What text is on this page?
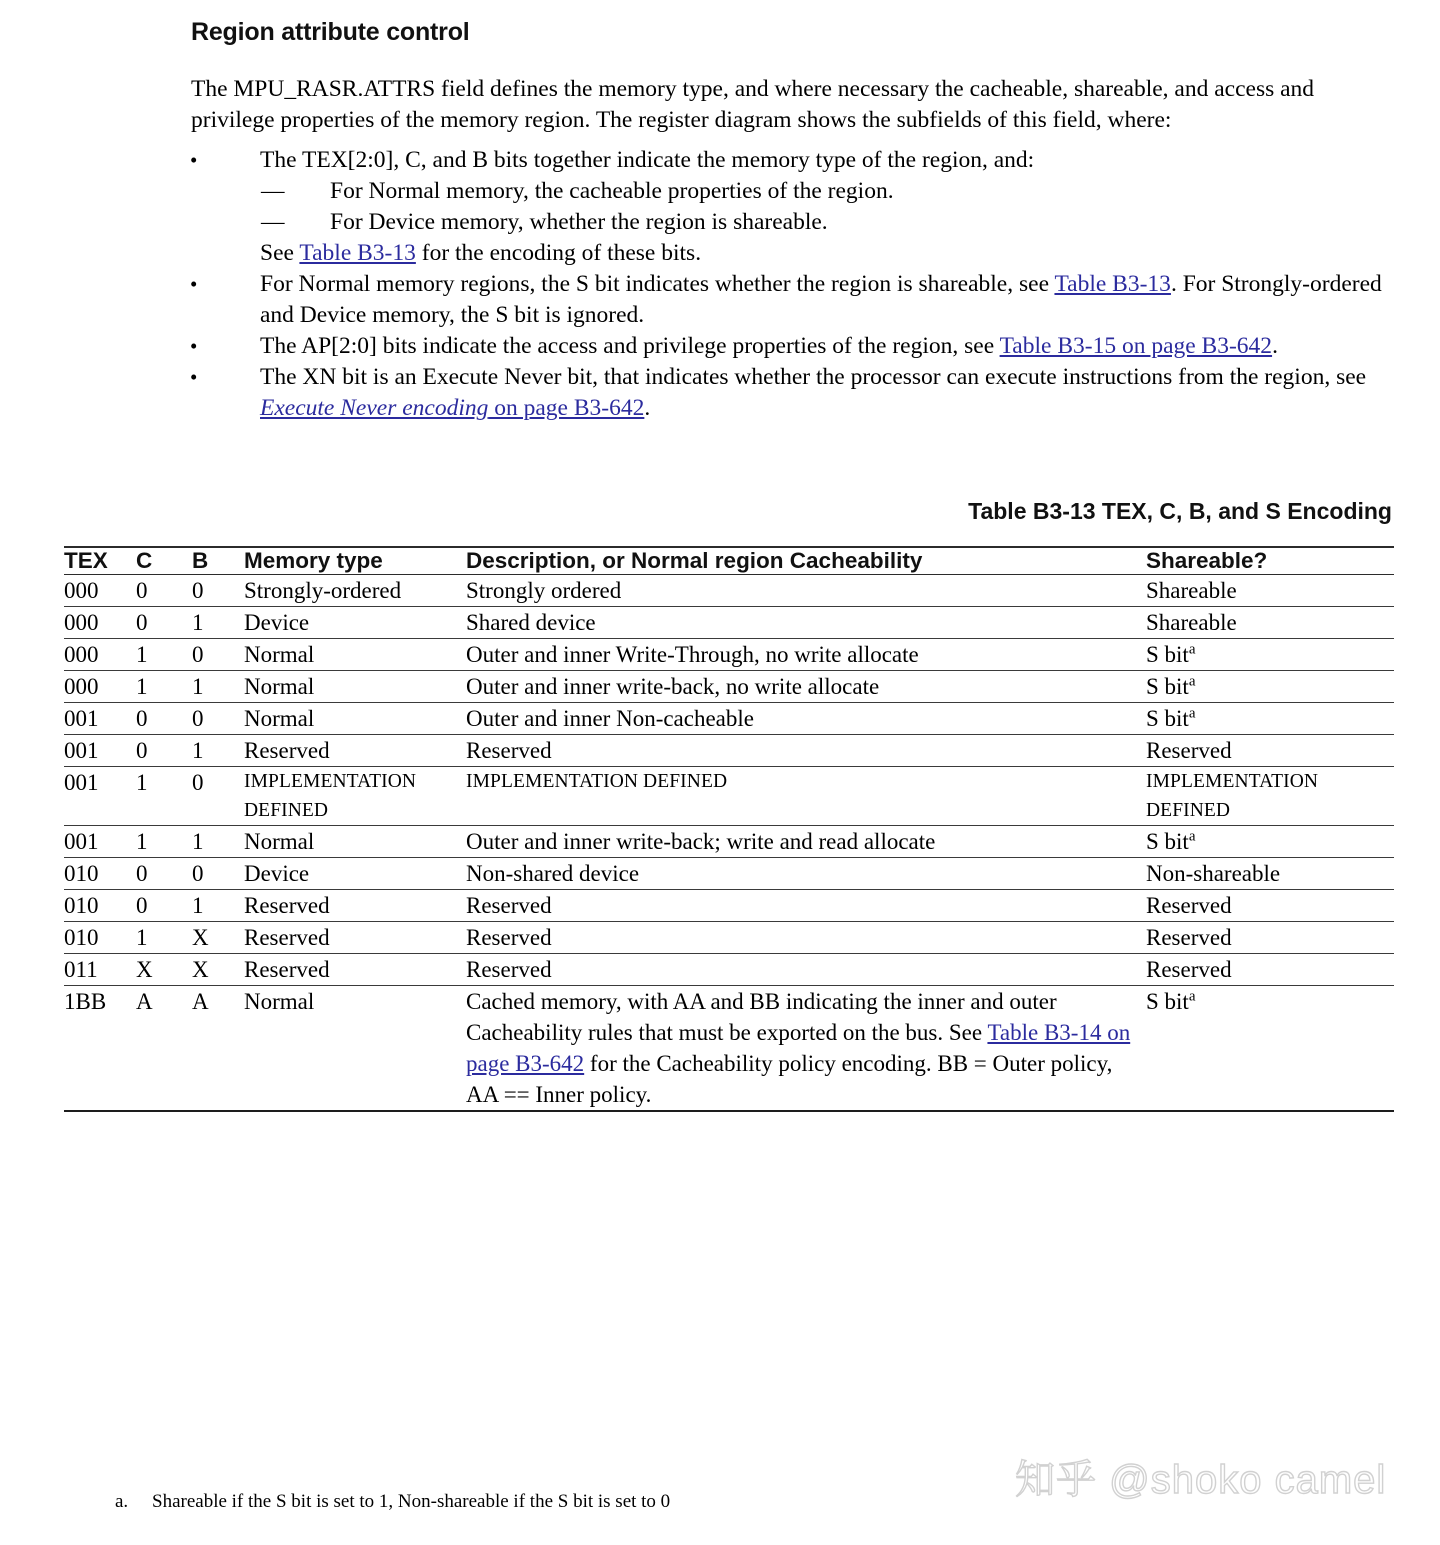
Region attribute control
The MPU_RASR.ATTRS field defines the memory type, and where necessary the cacheable, shareable, and access and privilege properties of the memory region. The register diagram shows the subfields of this field, where:
•	The TEX[2:0], C, and B bits together indicate the memory type of the region, and:
— For Normal memory, the cacheable properties of the region.
— For Device memory, whether the region is shareable.
See Table B3-13 for the encoding of these bits.
•	For Normal memory regions, the S bit indicates whether the region is shareable, see Table B3-13. For Strongly-ordered and Device memory, the S bit is ignored.
•	The AP[2:0] bits indicate the access and privilege properties of the region, see Table B3-15 on page B3-642.
•	The XN bit is an Execute Never bit, that indicates whether the processor can execute instructions from the region, see Execute Never encoding on page B3-642.
Table B3-13 TEX, C, B, and S Encoding
TEX	C	B	Memory type	Description, or Normal region Cacheability	Shareable?

000	0	0	Strongly-ordered	Strongly ordered	Shareable

000	0	1	Device	Shared device	Shareable

000	1	0	Normal	Outer and inner Write-Through, no write allocate	S bit$^a$

000	1	1	Normal	Outer and inner write-back, no write allocate	S bit$^a$

001	0	0	Normal	Outer and inner Non-cacheable	S bit$^a$

001	0	1	Reserved	Reserved	Reserved

001	1	0	IMPLEMENTATION DEFINED	IMPLEMENTATION DEFINED	IMPLEMENTATION DEFINED

001	1	1	Normal	Outer and inner write-back; write and read allocate	S bit$^a$

010	0	0	Device	Non-shared device	Non-shareable

010	0	1	Reserved	Reserved	Reserved

010	1	X	Reserved	Reserved	Reserved

011	X	X	Reserved	Reserved	Reserved

1BB	A	A	Normal	Cached memory, with AA and BB indicating the inner and outer Cacheability rules that must be exported on the bus. See Table B3-14 on page B3-642 for the Cacheability policy encoding. BB = Outer policy, AA == Inner policy.	S bit$^a$
a. Shareable if the S bit is set to 1, Non-shareable if the S bit is set to 0	知乎 @shoko camel
